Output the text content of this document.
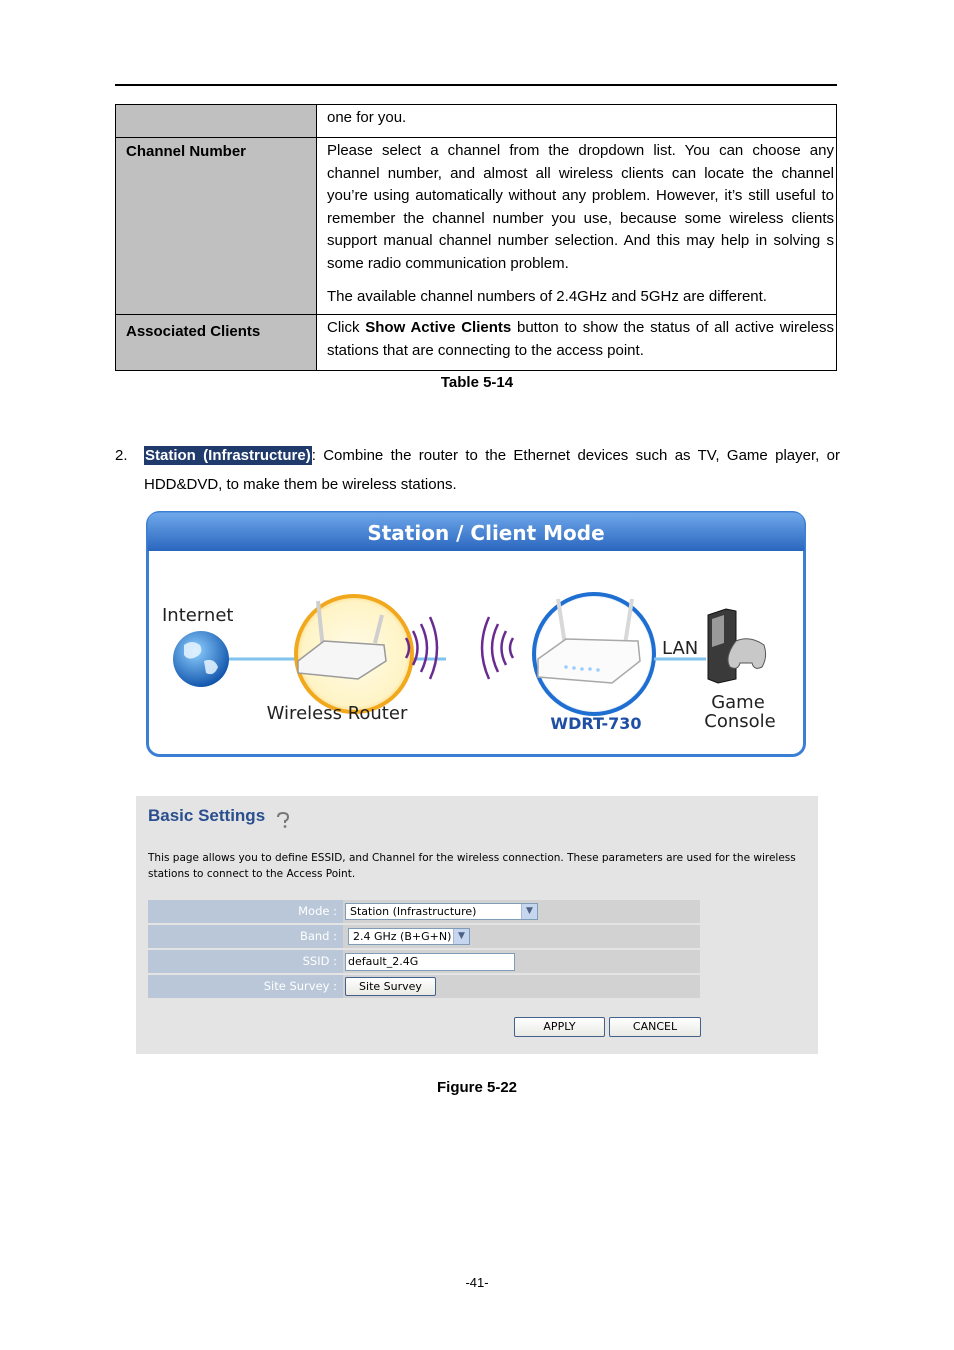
	one for you.

Channel Number	Please select a channel from the dropdown list. You can choose any channel number, and almost all wireless clients can locate the channel you’re using automatically without any problem. However, it’s still useful to remember the channel number you use, because some wireless clients support manual channel number selection. And this may help in solving s some radio communication problem.

The available channel numbers of 2.4GHz and 5GHz are different.

Associated Clients	Click Show Active Clients button to show the status of all active wireless stations that are connecting to the access point.

Table 5-14
2. Station (Infrastructure): Combine the router to the Ethernet devices such as TV, Game player, or HDD&DVD, to make them be wireless stations.
Station / Client Mode
Internet
Wireless Router	WDRT-730
LAN
Game
Console
Basic Settings
This page allows you to define ESSID, and Channel for the wireless connection. These parameters are used for the wireless stations to connect to the Access Point.
Mode :	Station (Infrastructure)	▼
Band :	2.4 GHz (B+G+N) ▼
SSID :	default_2.4G
Site Survey :	Site Survey
APPLY	CANCEL
Figure 5-22
-41-
